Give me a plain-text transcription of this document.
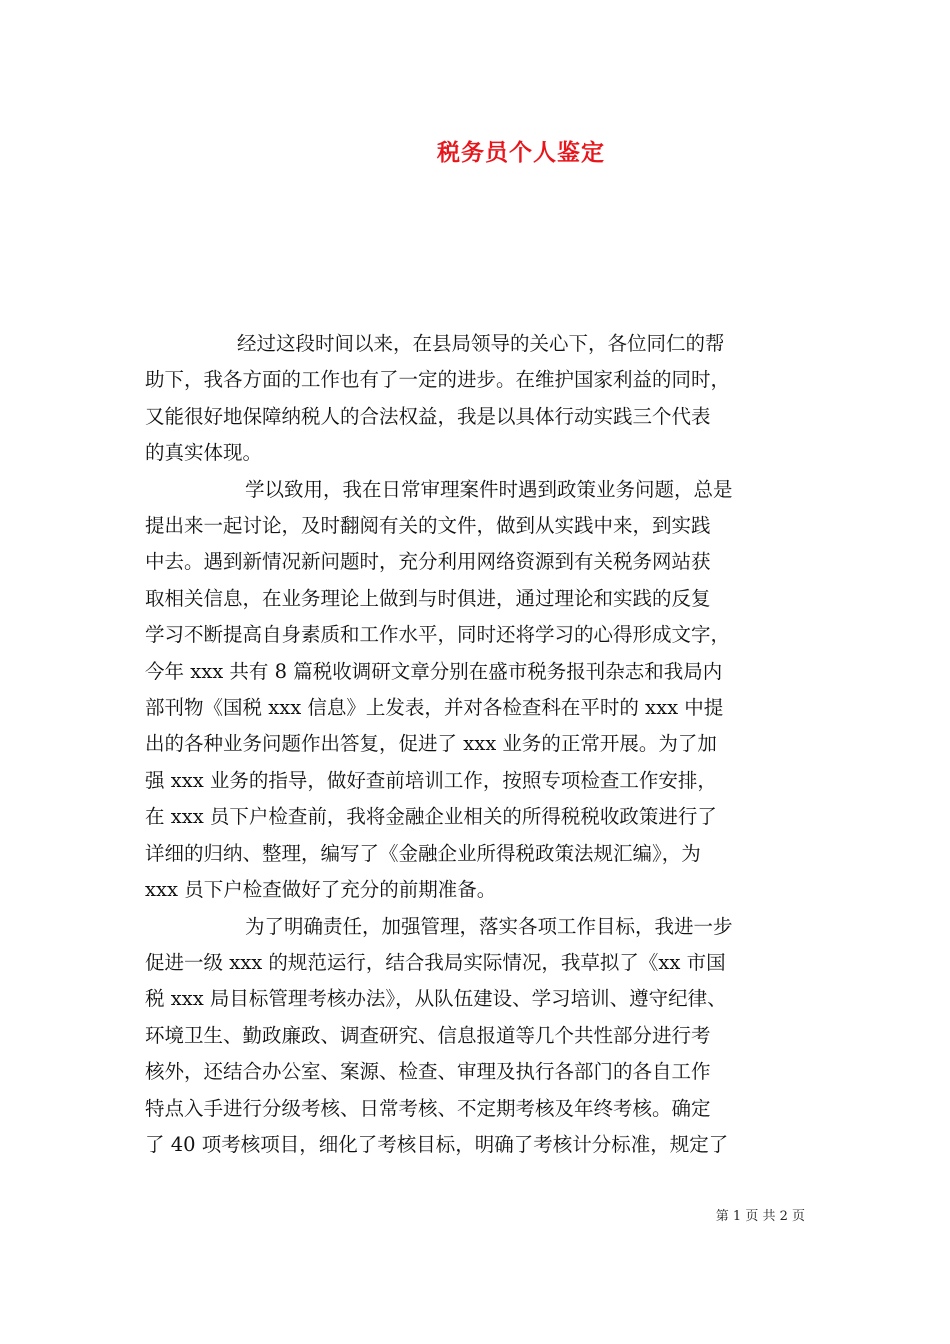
税务员个人鉴定

经过这段时间以来，在县局领导的关心下，各位同仁的帮
助下，我各方面的工作也有了一定的进步。在维护国家利益的同时，
又能很好地保障纳税人的合法权益，我是以具体行动实践三个代表
的真实体现。

学以致用，我在日常审理案件时遇到政策业务问题，总是
提出来一起讨论，及时翻阅有关的文件，做到从实践中来，到实践
中去。遇到新情况新问题时，充分利用网络资源到有关税务网站获
取相关信息，在业务理论上做到与时俱进，通过理论和实践的反复
学习不断提高自身素质和工作水平，同时还将学习的心得形成文字，
今年 xxx 共有 8 篇税收调研文章分别在盛市税务报刊杂志和我局内
部刊物《国税 xxx 信息》上发表，并对各检查科在平时的 xxx 中提
出的各种业务问题作出答复，促进了 xxx 业务的正常开展。为了加
强 xxx 业务的指导，做好查前培训工作，按照专项检查工作安排，
在 xxx 员下户检查前，我将金融企业相关的所得税税收政策进行了
详细的归纳、整理，编写了《金融企业所得税政策法规汇编》，为
xxx 员下户检查做好了充分的前期准备。

为了明确责任，加强管理，落实各项工作目标，我进一步
促进一级 xxx 的规范运行，结合我局实际情况，我草拟了《xx 市国
税 xxx 局目标管理考核办法》，从队伍建设、学习培训、遵守纪律、
环境卫生、勤政廉政、调查研究、信息报道等几个共性部分进行考
核外，还结合办公室、案源、检查、审理及执行各部门的各自工作
特点入手进行分级考核、日常考核、不定期考核及年终考核。确定
了 40 项考核项目，细化了考核目标，明确了考核计分标准，规定了

第 1 页 共 2 页
